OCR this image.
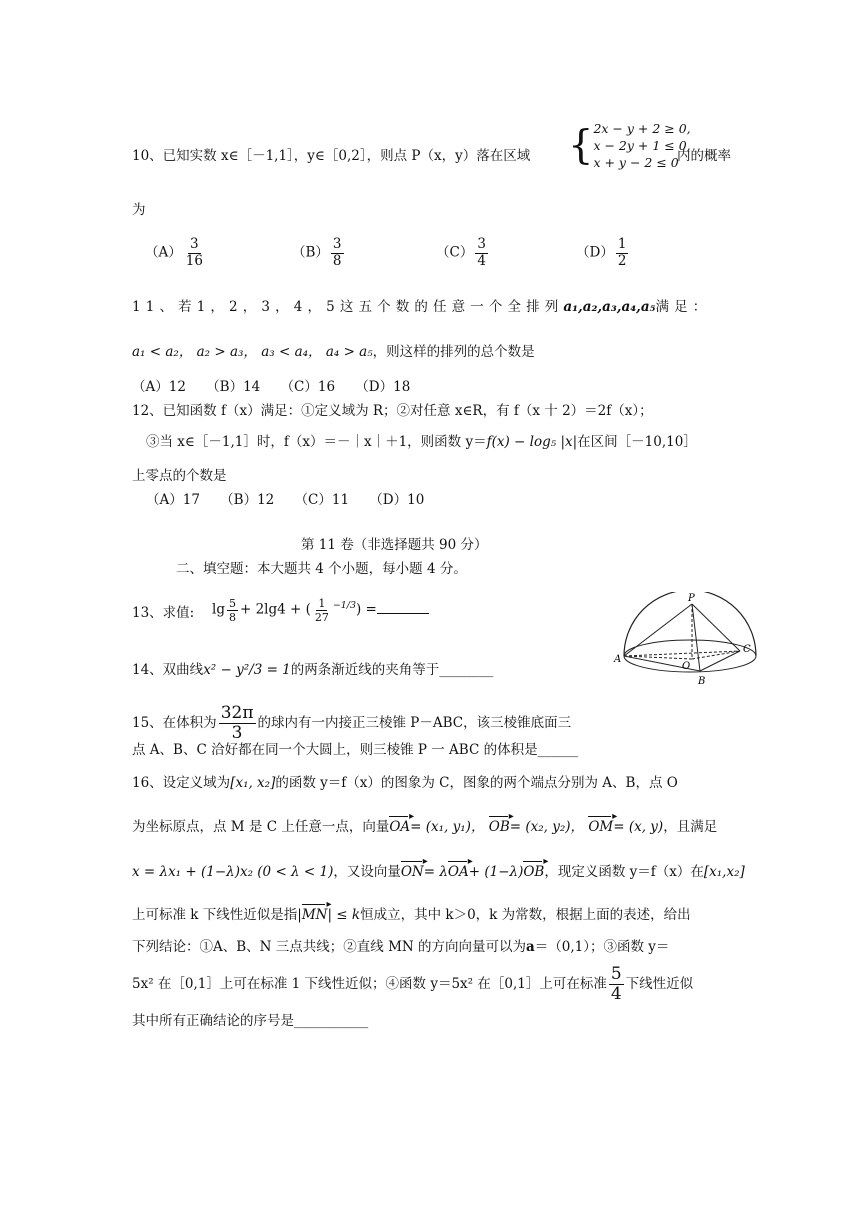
10、已知实数 x∈［－1,1］，y∈［0,2］，则点 P（x，y）落在区域 {2x − y + 2 ≥ 0,
x − 2y + 1 ≤ 0,
x + y − 2 ≤ 0
内的概率
为
$(A) \frac{3}{16}$	$(B) \frac{3}{8}$	$(C) \frac{3}{4}$	$(D) \frac{1}{2}$
11、若1，2，3，4，5这五个数的任意一个全排列a₁,a₂,a₃,a₄,a₅满足：
a₁ < a₂， a₂ > a₃， a₃ < a₄， a₄ > a₅，则这样的排列的总个数是
（A）12　　（B）14　　（C）16　　（D）18
12、已知函数 f（x）满足：①定义域为 R；②对任意 x∈R，有 f（x 十 2）＝2f（x）；
③当 x∈［－1,1］时，f（x）＝－｜x｜＋1，则函数 y＝f(x) − log₅ |x|在区间［－10,10］
上零点的个数是
（A）17　　（B）12　　（C）11　　（D）10
第 11 卷（非选择题共 90 分）
二、填空题：本大题共 4 个小题，每小题 4 分。
13、求值: $\lg \frac{5}{8} + 2\lg 4$ + ( $\frac{1}{27} ^{-1/3}$) =
P
A
B
C
O
14、双曲线x² − y²/3 = 1的两条渐近线的夹角等于________
15、在体积为 $\frac{32\pi}{3}$ 的球内有一内接正三棱锥 P－ABC，该三棱锥底面三
点 A、B、C 洽好都在同一个大圆上，则三棱锥 P 一 ABC 的体积是______
16、设定义域为[x₁, x₂]的函数 y＝f（x）的图象为 C，图象的两个端点分别为 A、B，点 O
为坐标原点，点 M 是 C 上任意一点，向量OA ▸= (x₁, y₁)， OB ▸= (x₂, y₂)， OM ▸= (x, y)，且满足
x = λx₁ + (1−λ)x₂ (0 < λ < 1)，又设向量ON ▸= λOA ▸+ (1−λ)OB ▸，现定义函数 y＝f（x）在[x₁,x₂]
上可标准 k 下线性近似是指|MN ▸| ≤ k恒成立，其中 k＞0，k 为常数，根据上面的表述，给出
下列结论：①A、B、N 三点共线；②直线 MN 的方向向量可以为a＝（0,1）；③函数 y＝
5x² 在［0,1］上可在标准 1 下线性近似；④函数 y＝5x² 在［0,1］上可在标准 $\frac{5}{4}$ 下线性近似
其中所有正确结论的序号是___________
